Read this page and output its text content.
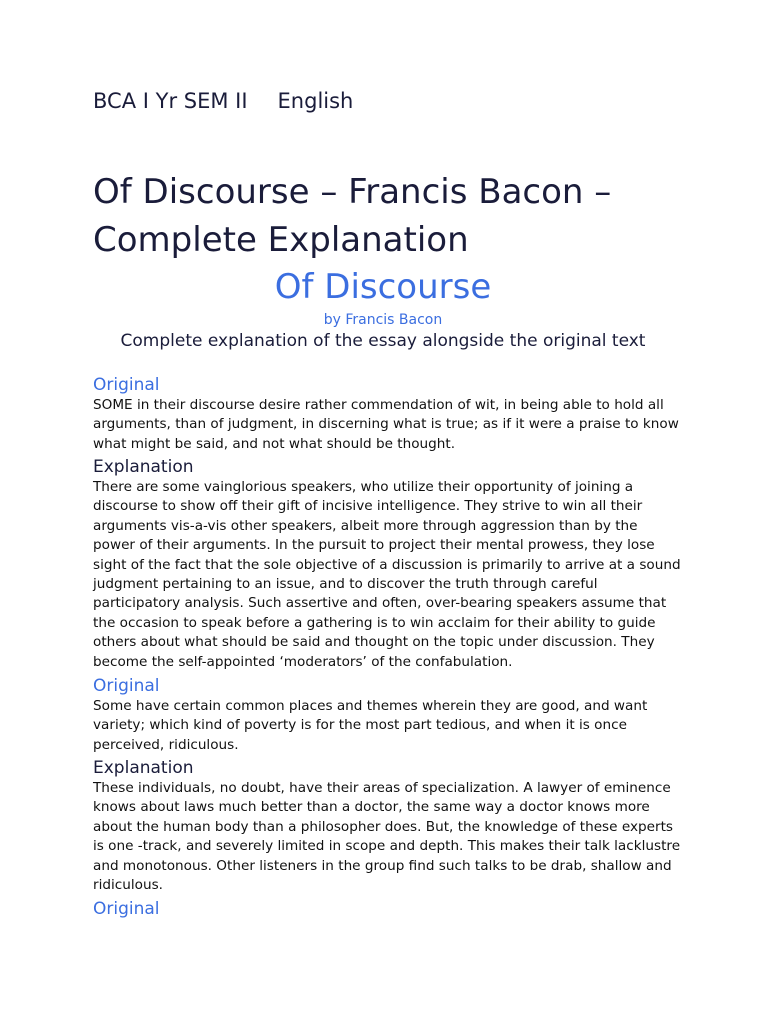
BCA I Yr SEM II English
Of Discourse – Francis Bacon – Complete Explanation
Of Discourse
by Francis Bacon
Complete explanation of the essay alongside the original text
Original

SOME in their discourse desire rather commendation of wit, in being able to hold all arguments, than of judgment, in discerning what is true; as if it were a praise to know what might be said, and not what should be thought.

Explanation

There are some vainglorious speakers, who utilize their opportunity of joining a discourse to show off their gift of incisive intelligence. They strive to win all their arguments vis-a-vis other speakers, albeit more through aggression than by the power of their arguments. In the pursuit to project their mental prowess, they lose sight of the fact that the sole objective of a discussion is primarily to arrive at a sound judgment pertaining to an issue, and to discover the truth through careful participatory analysis. Such assertive and often, over-bearing speakers assume that the occasion to speak before a gathering is to win acclaim for their ability to guide others about what should be said and thought on the topic under discussion. They become the self-appointed ‘moderators’ of the confabulation.

Original

Some have certain common places and themes wherein they are good, and want variety; which kind of poverty is for the most part tedious, and when it is once perceived, ridiculous.

Explanation

These individuals, no doubt, have their areas of specialization. A lawyer of eminence knows about laws much better than a doctor, the same way a doctor knows more about the human body than a philosopher does. But, the knowledge of these experts is one -track, and severely limited in scope and depth. This makes their talk lacklustre and monotonous. Other listeners in the group find such talks to be drab, shallow and ridiculous.

Original
